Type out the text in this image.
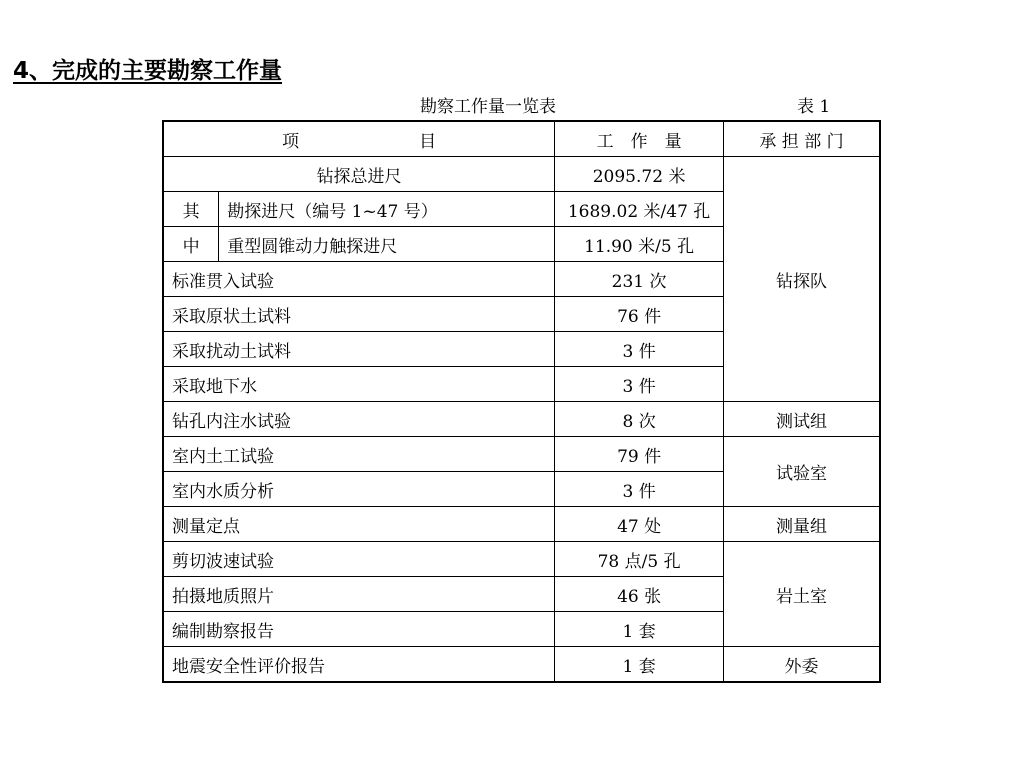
4、完成的主要勘察工作量
勘察工作量一览表	表 1
项 目		工　作　量	承 担 部 门
钻探总进尺		2095.72 米	钻探队
其	勘探进尺（编号 1~47 号）	1689.02 米/47 孔	
中	重型圆锥动力触探进尺	11.90 米/5 孔	
标准贯入试验		231 次	
采取原状土试料		76 件	
采取扰动土试料		3 件	
采取地下水		3 件	
钻孔内注水试验		8 次	测试组
室内土工试验		79 件	试验室
室内水质分析		3 件	
测量定点		47 处	测量组
剪切波速试验		78 点/5 孔	岩土室
拍摄地质照片		46 张	
编制勘察报告		1 套	
地震安全性评价报告		1 套	外委
